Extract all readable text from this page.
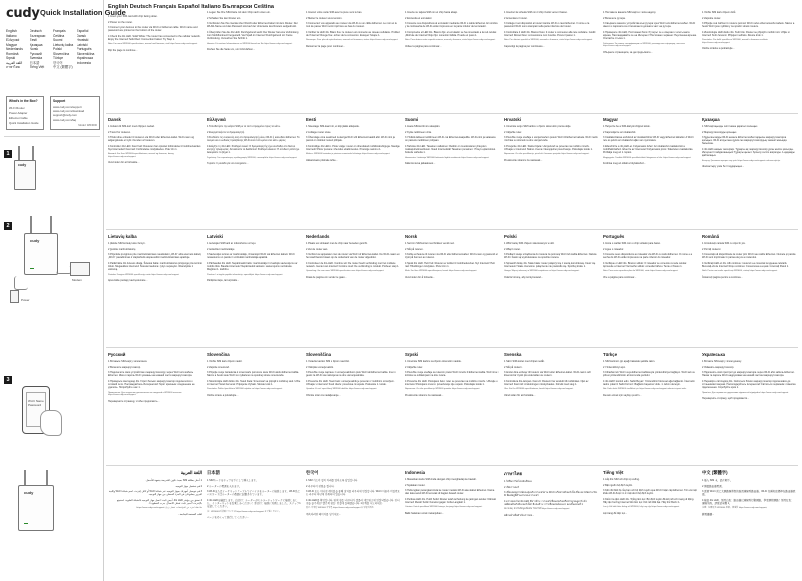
cudy Quick Installation Guide
English	Deutsch	Français	Español
Italiano	Български	Čeština	Dansk
Ελληνικά	Eesti	Suomi	Hrvatski
Magyar	Қазақша	Lietuvių kalba	Latviski
Nederlands	Norsk	Polski	Português
Română	Русский	Slovenčina	Slovenščina
Srpski	Svenska	Türkçe	Українська
اللغة العربية	日本語	한국어	Indonesia
ภาษาไทย	Tiếng Việt	中文 (繁體字)
What's in the Box?
Wi-Fi Router
Power Adapter
Ethernet Cable
Quick Installation Guide
Support
www.cudy.com/support
www.cudy.com/download
support@cudy.com
www.cudy.com/faq
Model: WR3000
1
cudy
2
cudy
Modem
Power
3
Wi-Fi Name
Password
cudy
English Deutsch Français Español Italiano Български Čeština

1 Insert your SIM card with chip facing down.

2 Power on the router.

3 Connect your devices to the router via Wi-Fi or Ethernet cable. Wi-Fi name and password are printed on the bottom of the router.

4 Check the 4G LED. Solid White: The router has connected to the cellular network. Enjoy the Internet! Solid Red: Connection Failed. Try Step 1.

Note: For more WR3000 specifications, manual and firmware, visit https://www.cudy.com/support.

Flip the page to continue...

1 Legen Sie Ihre SIM-Karte mit dem Chip nach unten ein.

2 Schalten Sie den Router ein.

3 Verbinden Sie Ihre Geräte über WLAN oder Ethernet-Kabel mit dem Router. Der WLAN-Name und das Passwort sind auf der Unterseite des Routers aufgedruckt.

4 Überprüfen Sie die 4G LED. Durchgehend weiß: Der Router hat eine Verbindung zum Mobilfunknetz hergestellt. Viel Spaß im Internet! Durchgehend rot: Keine Verbindung. Versuchen Sie Schritt 1.

Hinweis: Für weitere Informationen zu WR3000 besuchen Sie https://www.cudy.com/support.

Drehen Sie die Seite um, um fortzufahren...

1 Insérez votre carte SIM avec la puce vers le bas.

2 Mettez le routeur sous tension.

3 Connectez vos appareils au routeur via Wi-Fi ou un câble Ethernet. Le nom et le mot de passe Wi-Fi sont imprimés au bas du routeur.

4 Vérifiez la LED 4G. Blanc fixe: le routeur est connecté au réseau cellulaire. Profitez de l'Internet! Rouge fixe: échec de la connexion. Essayez l'étape 1.

Remarque: Pour plus de spécifications, manuels et firmwares, visitez https://www.cudy.com/support.

Retournez la page pour continuer...

1 Inserte su tarjeta SIM con el chip hacia abajo.

2 Encienda el enrutador.

3 Conecte sus dispositivos al enrutador mediante Wi-Fi o cable Ethernet. El nombre y la contraseña de Wi-Fi están impresos en la parte inferior del enrutador.

4 Compruebe el LED 4G. Blanco fijo: el enrutador se ha conectado a la red celular. ¡Disfrute de Internet! Rojo fijo: conexión fallida. Pruebe el paso 1.

Nota: Para obtener más especificaciones, manual y firmware, visite https://www.cudy.com/support.

Voltee la página para continuar...

1 Inserisci la scheda SIM con il chip rivolto verso il basso.

2 Accendere il router.

3 Collega i tuoi dispositivi al router tramite Wi-Fi o cavo Ethernet. Il nome e la password Wi-Fi sono stampati nella parte inferiore del router.

4 Controllare il LED 4G. Bianco fisso: il router è connesso alla rete cellulare. Goditi Internet! Rosso fisso: connessione non riuscita. Prova il passo 1.

Nota: Per ulteriori specifiche WR3000, manuale e firmware, visita https://www.cudy.com/support.

Capovolgi la pagina per continuare...

1 Поставете вашата SIM карта с чипа надолу.

2 Включете рутера.

3 Свържете вашите устройства към рутера чрез Wi-Fi или Ethernet кабел. Wi-Fi името и паролата са отпечатани в долната част на рутера.

4 Проверете 4G LED. Постоянно бяло: Рутерът се е свързал с клетъчната мрежа. Наслаждавайте се на Интернет! Постоянно червено: Неуспешна връзка. Опитайте стъпка 1.

Забележка: За повече спецификации на WR3000, ръководство и фърмуер, посетете https://www.cudy.com/support.

Обърнете страницата, за да продължите...

1 Vložte SIM kartu čipem dolů.

2 Zapněte router.

3 Připojte svá zařízení k routeru pomocí Wi-Fi nebo ethernetového kabelu. Název a heslo Wi-Fi jsou vytištěny na spodní straně routeru.

4 Zkontrolujte LED diodu 4G. Svítí bíle: Router se připojil k mobilní síti. Užijte si Internet! Svítí červeně: Připojení selhalo. Zkuste krok 1.

Poznámka: Pro další specifikace WR3000, manuál a firmware navštivte https://www.cudy.com/support.

Otočte stránku a pokračujte...

Dansk

1 Indsæt dit SIM-kort med chippen nedad.

2 Tænd for routeren.

3 Tilslut dine enheder til routeren via Wi-Fi eller Ethernet-kabel. Wi-Fi-navn og adgangskode er trykt i bunden af routeren.

4 Kontroller 4G LED. Fast hvid: Routeren har oprettet forbindelse til mobilnetværket. Nyd internettet! Fast rød: Forbindelse mislykkedes. Prøv trin 1.

Bemærk: For flere WR3000-specifikationer, manual og firmware, besøg https://www.cudy.com/support.

Vend siden for at fortsætte...

Ελληνικά

1 Τοποθετήστε την κάρτα SIM με το τσιπ στραμμένο προς τα κάτω.

2 Ενεργοποιήστε το δρομολογητή.

3 Συνδέστε τις συσκευές σας στο δρομολογητή μέσω Wi-Fi ή καλωδίου Ethernet. Το όνομα και ο κωδικός πρόσβασης Wi-Fi είναι τυπωμένα στο κάτω μέρος.

4 Ελέγξτε τη 4G LED. Σταθερό λευκό: Ο δρομολογητής έχει συνδεθεί στο δίκτυο κινητής τηλεφωνίας. Απολαύστε το Διαδίκτυο! Σταθερό κόκκινο: Η σύνδεση απέτυχε. Δοκιμάστε το βήμα 1.

Σημείωση: Για περισσότερες προδιαγραφές WR3000, επισκεφθείτε https://www.cudy.com/support.

Γυρίστε τη σελίδα για να συνεχίσετε...

Eesti

1 Sisestage SIM-kaart nii, et kiip jääks allapoole.

2 Lülitage ruuter sisse.

3 Ühendage oma seadmed ruuteriga Wi-Fi või Etherneti kaabli abil. Wi-Fi nimi ja parool on trükitud ruuteri põhjale.

4 Kontrollige 4G LED-i. Püsiv valge: ruuter on ühendatud mobiilsidevõrguga. Nautige Internetti! Püsiv punane: ühendus ebaõnnestus. Proovige sammu 1.

Märkus: WR3000 lisateabe ja püsivara saamiseks külastage https://www.cudy.com/support.

Jätkamiseks pöörake lehte...

Suomi

1 Aseta SIM-kortti siru alaspäin.

2 Kytke reititimeen virta.

3 Yhdistä laitteesi reitittimeen Wi-Fi- tai Ethernet-kaapelilla. Wi-Fi-nimi ja salasana on painettu reitittimen pohjaan.

4 Tarkista 4G LED. Tasainen valkoinen: Reititin on muodostanut yhteyden matkapuhelinverkkoon. Nauti Internetistä! Tasainen punainen: Yhteys epäonnistui. Kokeile vaihetta 1.

Huomautus: Lisätietoja WR3000-laitteesta löydät osoitteesta https://www.cudy.com/support.

Käännä sivua jatkaaksesi...

Hrvatski

1 Umetnite svoju SIM karticu s čipom okrenutim prema dolje.

2 Uključite ruter.

3 Povežite svoje uređaje s usmjerivačem putem Wi-Fi ili Ethernet kabela. Wi-Fi naziv i lozinka su otisnuti na dnu usmjerivača.

4 Provjerite 4G LED. Stalno bijela: Usmjerivač se povezao na mobilnu mrežu. Uživajte u Internetu! Stalno crvena: Neuspješno povezivanje. Pokušajte korak 1.

Napomena: Za više specifikacija, priručnik i firmware posjetite https://www.cudy.com/support.

Preokrenite stranicu za nastavak...

Magyar

1 Helyezze be a SIM-kártyát chippel lefelé.

2 Kapcsolja be az útválasztót.

3 Csatlakoztassa eszközeit az útválasztóhoz Wi-Fi vagy Ethernet kábellel. A Wi-Fi név és jelszó az útválasztó alján van nyomtatva.

4 Ellenőrizze a 4G LED-et. Folyamatos fehér: Az útválasztó csatlakozott a mobilhálózathoz. Élvezze az Internetet! Folyamatos piros: Sikertelen csatlakozás. Próbálja meg az 1. lépést.

Megjegyzés: További WR3000 specifikációkért látogasson el ide: https://www.cudy.com/support.

Fordítsa meg az oldalt a folytatáshoz...

Қазақша

1 SIM картаңызды чипі төмен қаратып салыңыз.

2 Маршрутизаторды қосыңыз.

3 Құрылғыларды Wi-Fi немесе Ethernet кабелі арқылы маршрутизаторға қосыңыз. Wi-Fi атауы мен құпия сөз маршрутизатордың төменгі жағында басылған.

4 4G LED шамын тексеріңіз. Тұрақты ақ: маршрутизатор ұялы желіге қосылды. Интернетті пайдаланыңыз! Тұрақты қызыл: Қосылу сәтсіз аяқталды. 1-қадамды қайталаңыз.

Ескерту: Қосымша ақпарат алу үшін https://www.cudy.com/support сайтына кіріңіз.

Жалғастыру үшін бетті аударыңыз...

Lietuvių kalba

1 Įdėkite SIM kortelę lustu žemyn.

2 Įjunkite maršrutizatorių.

3 Prijunkite įrenginius prie maršrutizatoriaus naudodami „Wi-Fi“ arba eterneto kabelį. „Wi-Fi“ pavadinimas ir slaptažodis atspausdinti maršrutizatoriaus apačioje.

4 Patikrinkite 4G šviesos diodą. Šviesiai balta: maršrutizatorius prisijungė prie korinio tinklo. Mėgaukitės internetu! Šviesiai raudona: ryšys nepavyko. Išbandykite 1 veiksmą.

Pastaba: Daugiau WR3000 specifikacijų rasite https://www.cudy.com/support.

Apverskite puslapį, kad tęstumėte...

Latviski

1 Ievietojiet SIM karti ar mikroshēmu uz leju.

2 Ieslēdziet maršrutētāju.

3 Savienojiet ierīces ar maršrutētāju, izmantojot Wi-Fi vai Ethernet kabeli. Wi-Fi nosaukums un parole ir uzdrukāti maršrutētāja apakšā.

4 Pārbaudiet 4G LED. Nepārtraukti balts: maršrutētājs ir izveidojis savienojumu ar mobilo tīklu. Baudiet internetu! Nepārtraukti sarkans: savienojums neizdevās. Mēģiniet 1. darbību.

Piezīme: Lai iegūtu papildu informāciju, apmeklējiet https://www.cudy.com/support.

Pāršķiriet lapu, lai turpinātu...

Nederlands

1 Plaats uw simkaart met de chip naar beneden gericht.

2 Zet de router aan.

3 Verbind uw apparaten met de router via Wi-Fi of Ethernet-kabel. De Wi-Fi-naam en het wachtwoord staan op de onderkant van de router afgedrukt.

4 Controleer de 4G-LED. Continu wit: De router heeft verbinding met het mobiele netwerk. Geniet van internet! Continu rood: De verbinding is mislukt. Probeer stap 1.

Opmerking: Ga voor meer WR3000-specificaties naar https://www.cudy.com/support.

Draai de pagina om verder te gaan...

Norsk

1 Sett inn SIM-kortet med brikken vendt ned.

2 Slå på ruteren.

3 Koble enhetene til ruteren via Wi-Fi eller Ethernet-kabel. Wi-Fi-navn og passord er trykt på bunnen av ruteren.

4 Sjekk 4G LED. Helt hvit: Ruteren er koblet til mobilnettverket. Nyt Internett! Helt rød: Tilkoblingen mislyktes. Prøv trinn 1.

Merk: For flere WR3000-spesifikasjoner, besøk https://www.cudy.com/support.

Vend siden for å fortsette...

Polski

1 Włóż kartę SIM chipem skierowanym w dół.

2 Włącz router.

3 Podłącz swoje urządzenia do routera za pomocą Wi-Fi lub kabla Ethernet. Nazwa Wi-Fi i hasło są wydrukowane na spodzie routera.

4 Sprawdź diodę 4G. Stale biała: router połączył się z siecią komórkową. Ciesz się Internetem! Stale czerwona: połączenie nie powiodło się. Spróbuj kroku 1.

Uwaga: Więcej informacji o WR3000 znajdziesz na https://www.cudy.com/support.

Odwróć stronę, aby kontynuować...

Português

1 Insira o cartão SIM com o chip voltado para baixo.

2 Ligue o roteador.

3 Conecte seus dispositivos ao roteador via Wi-Fi ou cabo Ethernet. O nome e a senha do Wi-Fi estão impressos na parte inferior do roteador.

4 Verifique o LED 4G. Branco sólido: O roteador se conectou à rede celular. Aproveite a Internet! Vermelho sólido: conexão falhou. Tente o Passo 1.

Nota: Para mais especificações do WR3000, visite https://www.cudy.com/support.

Vire a página para continuar...

Română

1 Introduceți cartela SIM cu cipul în jos.

2 Porniți routerul.

3 Conectați-vă dispozitivele la router prin Wi-Fi sau cablu Ethernet. Numele și parola Wi-Fi sunt imprimate în partea de jos a routerului.

4 Verificați LED-ul 4G. Alb continuu: routerul s-a conectat la rețeaua celulară. Bucurați-vă de Internet! Roșu continuu: Conexiunea a eșuat. Încercați Pasul 1.

Notă: Pentru mai multe specificații WR3000, vizitați https://www.cudy.com/support.

Întoarceți pagina pentru a continua...

Русский

1 Вставьте SIM-карту чипом вниз.

2 Включите маршрутизатор.

3 Подключите свои устройства к маршрутизатору через Wi-Fi или кабель Ethernet. Имя и пароль Wi-Fi указаны на нижней части маршрутизатора.

4 Проверьте светодиод 4G. Горит белым: маршрутизатор подключился к сотовой сети. Наслаждайтесь Интернетом! Горит красным: соединение не удалось. Попробуйте шаг 1.

Примечание: Для получения дополнительных сведений о WR3000 посетите https://www.cudy.com/support.

Переверните страницу, чтобы продолжить...

Slovenčina

1 Vložte SIM kartu čipom nadol.

2 Zapnite smerovač.

3 Pripojte svoje zariadenia k smerovaču pomocou siete Wi-Fi alebo Ethernet kábla. Názov a heslo siete Wi-Fi sú vytlačené na spodnej strane smerovača.

4 Skontrolujte LED diódu 4G. Svieti biela: Smerovač sa pripojil k mobilnej sieti. Užite si internet! Svieti červená: Pripojenie zlyhalo. Skúste krok 1.

Poznámka: Ďalšie špecifikácie WR3000 nájdete na https://www.cudy.com/support.

Otočte stranu a pokračujte...

Slovenščina

1 Vstavite kartico SIM s čipom navzdol.

2 Vklopite usmerjevalnik.

3 Povežite svoje naprave z usmerjevalnikom prek Wi-Fi ali Ethernet kabla. Ime in geslo za Wi-Fi sta natisnjena na dnu usmerjevalnika.

4 Preverite 4G LED. Sveti belo: usmerjevalnik je povezan z mobilnim omrežjem. Uživajte v internetu! Sveti rdeče: povezava ni uspela. Poskusite 1. korak.

Opomba: Za več specifikacij WR3000 obiščite https://www.cudy.com/support.

Obrnite stran za nadaljevanje...

Srpski

1 Umetnite SIM karticu sa čipom okrenutim nadole.

2 Uključite ruter.

3 Povežite svoje uređaje sa ruterom preko Wi-Fi mreže ili Ethernet kabla. Wi-Fi ime i lozinka su odštampani na dnu rutera.

4 Proverite 4G LED. Postojano belo: ruter se povezao na mobilnu mrežu. Uživajte u internetu! Postojano crveno: povezivanje nije uspelo. Pokušajte korak 1.

Napomena: Za više specifikacija WR3000 posetite https://www.cudy.com/support.

Preokrenite stranicu za nastavak...

Svenska

1 Sätt i SIM-kortet med chipet nedåt.

2 Slå på routern.

3 Anslut dina enheter till routern via Wi-Fi eller Ethernet-kabel. Wi-Fi-namn och lösenord är tryckt på undersidan av routern.

4 Kontrollera 4G-lampan. Fast vit: Routern har anslutit till mobilnätet. Njut av Internet! Fast röd: Anslutningen misslyckades. Försök med steg 1.

Obs: För fler WR3000-specifikationer, besök https://www.cudy.com/support.

Vänd sidan för att fortsätta...

Türkçe

1 SIM kartınızı çip aşağı bakacak şekilde takın.

2 Yönlendiriciyi açın.

3 Cihazlarınızı Wi-Fi veya Ethernet kablosuyla yönlendiriciye bağlayın. Wi-Fi adı ve şifresi yönlendiricinin alt kısmında yazılıdır.

4 4G LED'i kontrol edin. Sabit Beyaz: Yönlendirici hücresel ağa bağlandı. İnternetin tadını çıkarın! Sabit Kırmızı: Bağlantı başarısız oldu. 1. Adımı deneyin.

Not: Daha fazla WR3000 özellikleri için https://www.cudy.com/support adresini ziyaret edin.

Devam etmek için sayfayı çevirin...

Українська

1 Вставте SIM-карту чіпом донизу.

2 Увімкніть маршрутизатор.

3 Підключіть свої пристрої до маршрутизатора через Wi-Fi або кабель Ethernet. Назва та пароль Wi-Fi надруковані на нижній частині маршрутизатора.

4 Перевірте світлодіод 4G. Світиться білим: маршрутизатор підключився до стільникової мережі. Насолоджуйтесь Інтернетом! Світиться червоним: помилка підключення. Спробуйте крок 1.

Примітка: Для отримання додаткових відомостей відвідайте https://www.cudy.com/support.

Переверніть сторінку, щоб продовжити...

اللغة العربية

1 أدخل بطاقة SIM بحيث تكون الشريحة متجهة للأسفل.

2 قم بتشغيل جهاز التوجيه.

3 قم بتوصيل أجهزتك بجهاز التوجيه عبر شبكة Wi-Fi أو كابل إيثرنت. اسم شبكة Wi-Fi وكلمة المرور مطبوعان في الجزء السفلي من جهاز التوجيه.

4 تحقق من مؤشر 4G LED. أبيض ثابت: اتصل جهاز التوجيه بالشبكة الخلوية. استمتع بالإنترنت! أحمر ثابت: فشل الاتصال. جرب الخطوة 1.

ملاحظة: لمزيد من المواصفات، تفضل بزيارة https://www.cudy.com/support.

اقلب الصفحة للمتابعة...

日本語

1 SIMカードをチップを下にして挿入します。

2 ルーターの電源を入れます。

3 Wi-Fiまたはイーサネットケーブルでデバイスをルーターに接続します。Wi-Fi名とパスワードはルーターの底面に記載されています。

4 4G LEDを確認します。白点灯：ルーターがセルラーネットワークに接続しました。インターネットをお楽しみください！赤点灯：接続に失敗しました。ステップ1を試してください。

注：WR3000の詳細については https://www.cudy.com/support をご覧ください。

ページをめくって続行してください...

한국어

1 SIM 카드의 칩이 아래를 향하도록 삽입합니다.

2 라우터의 전원을 켭니다.

3 Wi-Fi 또는 이더넷 케이블을 통해 장치를 라우터에 연결합니다. Wi-Fi 이름과 비밀번호는 라우터 하단에 인쇄되어 있습니다.

4 4G LED를 확인합니다. 흰색 점등: 라우터가 셀룰러 네트워크에 연결되었습니다. 인터넷을 즐기세요! 빨간색 점등: 연결에 실패했습니다. 1단계를 시도하세요.

참고: 자세한 WR3000 사양은 https://www.cudy.com/support 를 방문하세요.

계속하려면 페이지를 넘기세요...

Indonesia

1 Masukkan kartu SIM Anda dengan chip menghadap ke bawah.

2 Nyalakan router.

3 Hubungkan perangkat Anda ke router melalui Wi-Fi atau kabel Ethernet. Nama dan kata sandi Wi-Fi tercetak di bagian bawah router.

4 Periksa LED 4G. Putih Solid: Router telah terhubung ke jaringan seluler. Nikmati Internet! Merah Solid: Koneksi gagal. Coba Langkah 1.

Catatan: Untuk spesifikasi WR3000 lainnya, kunjungi https://www.cudy.com/support.

Balik halaman untuk melanjutkan...

ภาษาไทย

1 ใส่ซิมการ์ดโดยหันชิปลง

2 เปิดเราเตอร์

3 เชื่อมต่ออุปกรณ์ของคุณกับเราเตอร์ผ่าน Wi-Fi หรือสายอีเทอร์เน็ต ชื่อและรหัสผ่าน Wi-Fi พิมพ์อยู่ที่ด้านล่างของเราเตอร์

4 ตรวจสอบไฟ 4G LED สีขาวค้าง: เราเตอร์เชื่อมต่อกับเครือข่ายเซลลูลาร์แล้ว เพลิดเพลินกับอินเทอร์เน็ต! สีแดงค้าง: การเชื่อมต่อล้มเหลว ลองขั้นตอนที่ 1

หมายเหตุ: สำหรับข้อมูลเพิ่มเติม โปรดไปที่ https://www.cudy.com/support

พลิกหน้าเพื่อดำเนินการต่อ...

Tiếng Việt

1 Lắp thẻ SIM với chip úp xuống.

2 Bật nguồn bộ định tuyến.

3 Kết nối thiết bị của bạn với bộ định tuyến qua Wi-Fi hoặc cáp Ethernet. Tên và mật khẩu Wi-Fi được in ở mặt dưới bộ định tuyến.

4 Kiểm tra đèn LED 4G. Trắng liên tục: Bộ định tuyến đã kết nối với mạng di động. Hãy tận hưởng Internet! Đỏ liên tục: Kết nối thất bại. Hãy thử Bước 1.

Lưu ý: Để biết thêm thông số WR3000, hãy truy cập https://www.cudy.com/support.

Lật trang để tiếp tục...

中文 (繁體字)

1 插入 SIM 卡，晶片朝下。

2 開啟路由器電源。

3 透過 Wi-Fi 或乙太網路線將您的裝置連線到路由器。Wi-Fi 名稱和密碼印在路由器底部。

4 檢查 4G LED。恆亮白色：路由器已連線到行動網路。享受網際網路！恆亮紅色：連線失敗。請嘗試步驟 1。

注意：如需更多 WR3000 規格，請造訪 https://www.cudy.com/support。

翻頁繼續...
